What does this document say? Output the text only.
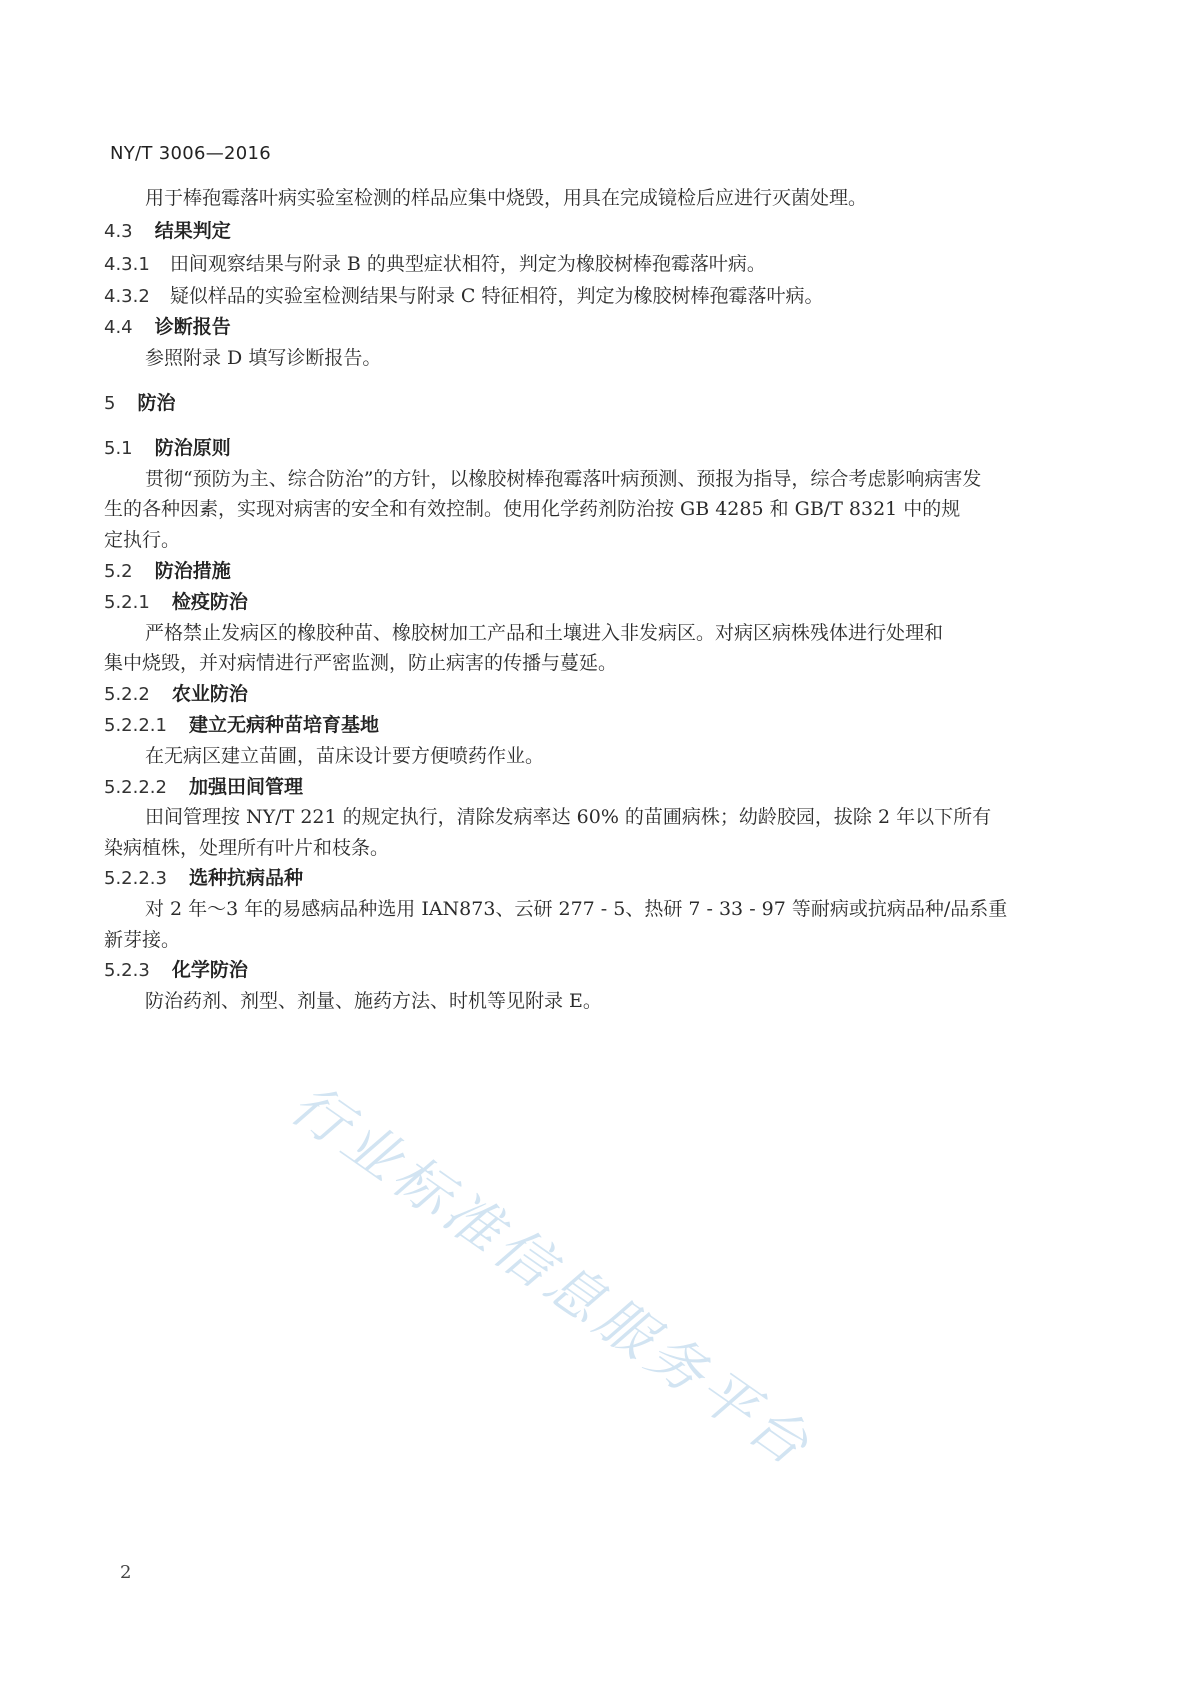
NY/T 3006—2016
用于棒孢霉落叶病实验室检测的样品应集中烧毁，用具在完成镜检后应进行灭菌处理。
4.3 结果判定
4.3.1 田间观察结果与附录 B 的典型症状相符，判定为橡胶树棒孢霉落叶病。
4.3.2 疑似样品的实验室检测结果与附录 C 特征相符，判定为橡胶树棒孢霉落叶病。
4.4 诊断报告
参照附录 D 填写诊断报告。
5 防治
5.1 防治原则
贯彻“预防为主、综合防治”的方针，以橡胶树棒孢霉落叶病预测、预报为指导，综合考虑影响病害发
生的各种因素，实现对病害的安全和有效控制。使用化学药剂防治按 GB 4285 和 GB/T 8321 中的规
定执行。
5.2 防治措施
5.2.1 检疫防治
严格禁止发病区的橡胶种苗、橡胶树加工产品和土壤进入非发病区。对病区病株残体进行处理和
集中烧毁，并对病情进行严密监测，防止病害的传播与蔓延。
5.2.2 农业防治
5.2.2.1 建立无病种苗培育基地
在无病区建立苗圃，苗床设计要方便喷药作业。
5.2.2.2 加强田间管理
田间管理按 NY/T 221 的规定执行，清除发病率达 60% 的苗圃病株；幼龄胶园，拔除 2 年以下所有
染病植株，处理所有叶片和枝条。
5.2.2.3 选种抗病品种
对 2 年～3 年的易感病品种选用 IAN873、云研 277 - 5、热研 7 - 33 - 97 等耐病或抗病品种/品系重
新芽接。
5.2.3 化学防治
防治药剂、剂型、剂量、施药方法、时机等见附录 E。
行业标准信息服务平台
2
